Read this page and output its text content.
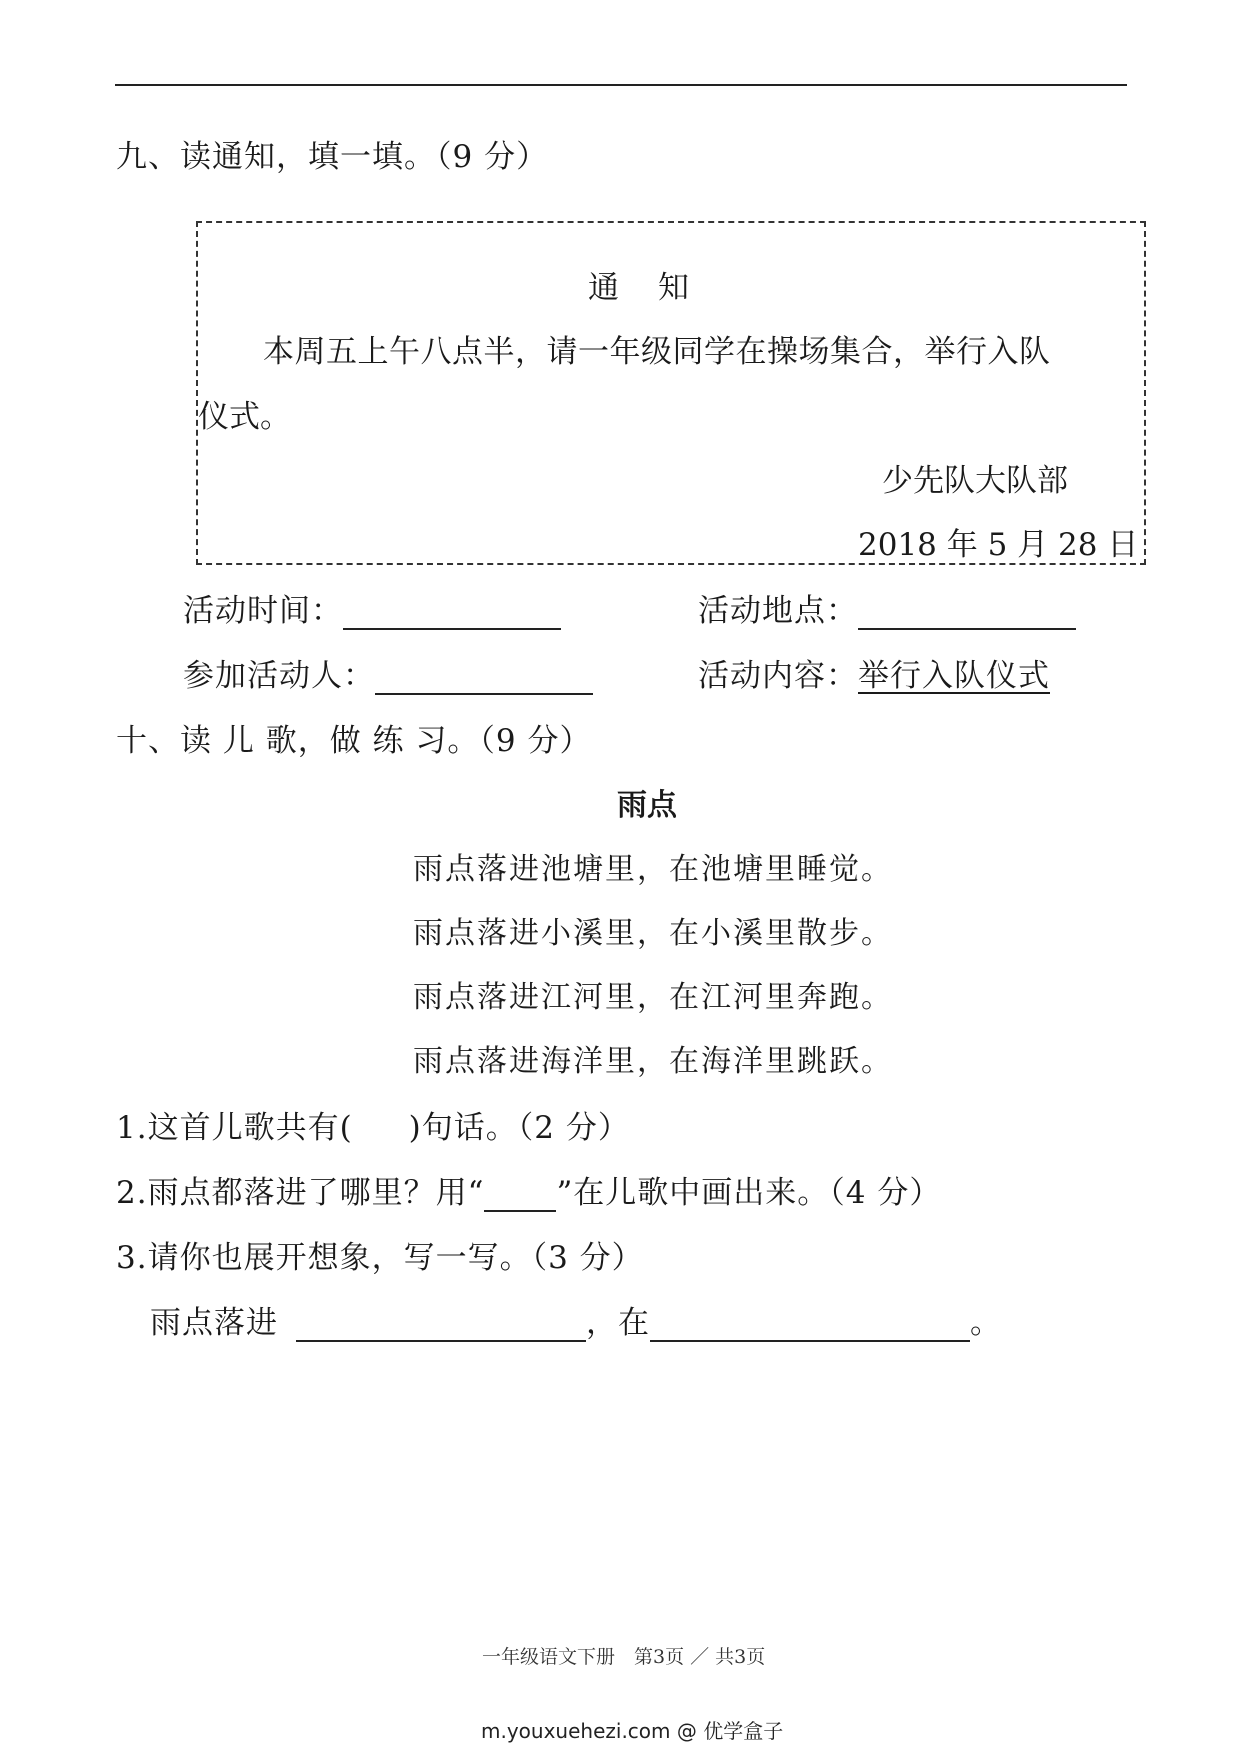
九、读通知，填一填。（9 分）
通　知
本周五上午八点半，请一年级同学在操场集合，举行入队
仪式。
少先队大队部
2018 年 5 月 28 日
活动时间：	活动地点：
参加活动人：	活动内容：举行入队仪式
十、读 儿 歌，做 练 习。（9 分）
雨点
雨点落进池塘里，在池塘里睡觉。
雨点落进小溪里，在小溪里散步。
雨点落进江河里，在江河里奔跑。
雨点落进海洋里，在海洋里跳跃。
1.这首儿歌共有( )句话。（2 分）
2.雨点都落进了哪里？用“ ”在儿歌中画出来。（4 分）
3.请你也展开想象，写一写。（3 分）
雨点落进	，在	。
一年级语文下册　第3页 ／ 共3页
m.youxuehezi.com @ 优学盒子
